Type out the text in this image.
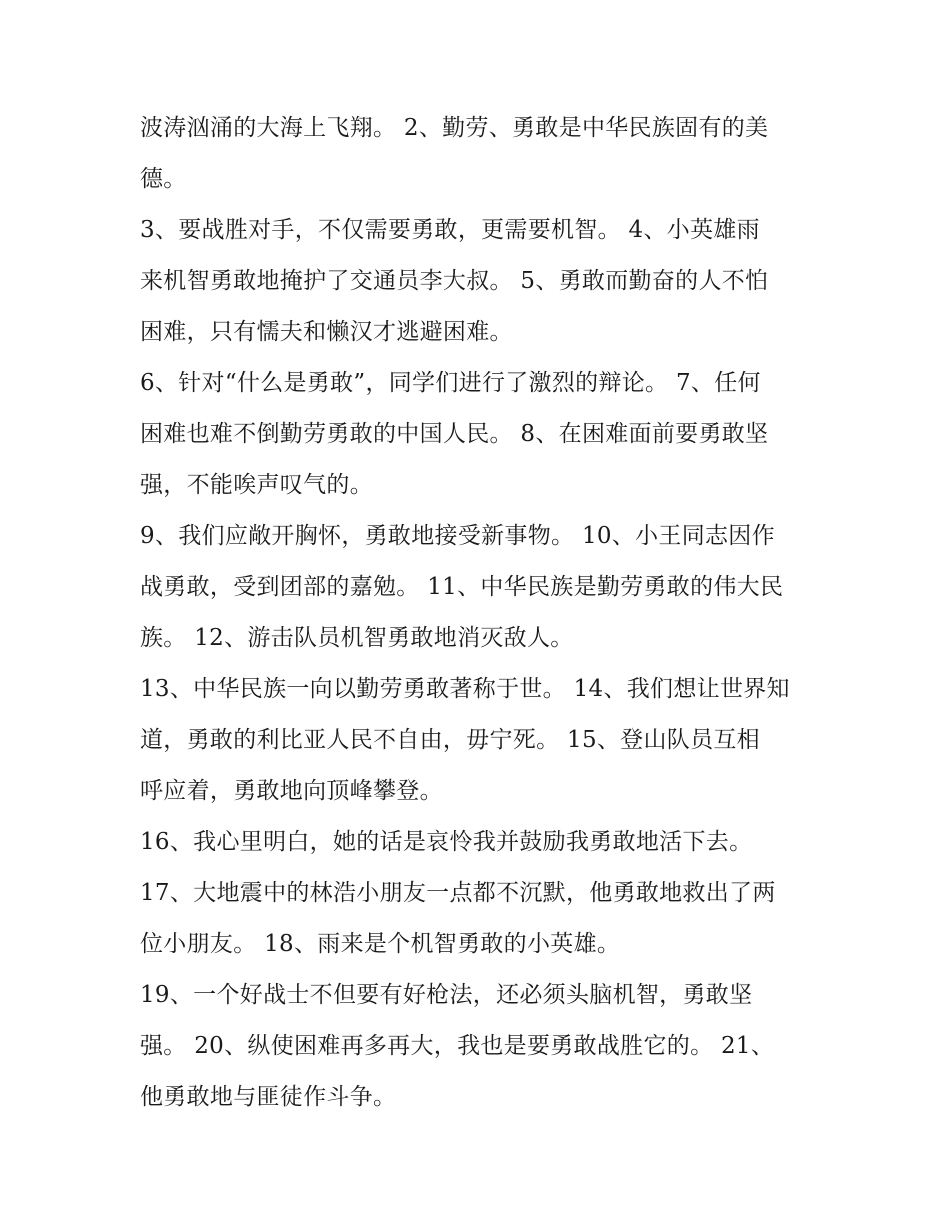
波涛汹涌的大海上飞翔。 2、勤劳、勇敢是中华民族固有的美
德。
3、要战胜对手，不仅需要勇敢，更需要机智。 4、小英雄雨
来机智勇敢地掩护了交通员李大叔。 5、勇敢而勤奋的人不怕
困难，只有懦夫和懒汉才逃避困难。
6、针对“什么是勇敢”，同学们进行了激烈的辩论。 7、任何
困难也难不倒勤劳勇敢的中国人民。 8、在困难面前要勇敢坚
强，不能唉声叹气的。
9、我们应敞开胸怀，勇敢地接受新事物。 10、小王同志因作
战勇敢，受到团部的嘉勉。 11、中华民族是勤劳勇敢的伟大民
族。 12、游击队员机智勇敢地消灭敌人。
13、中华民族一向以勤劳勇敢著称于世。 14、我们想让世界知
道，勇敢的利比亚人民不自由，毋宁死。 15、登山队员互相
呼应着，勇敢地向顶峰攀登。
16、我心里明白，她的话是哀怜我并鼓励我勇敢地活下去。
17、大地震中的林浩小朋友一点都不沉默，他勇敢地救出了两
位小朋友。 18、雨来是个机智勇敢的小英雄。
19、一个好战士不但要有好枪法，还必须头脑机智，勇敢坚
强。 20、纵使困难再多再大，我也是要勇敢战胜它的。 21、
他勇敢地与匪徒作斗争。
